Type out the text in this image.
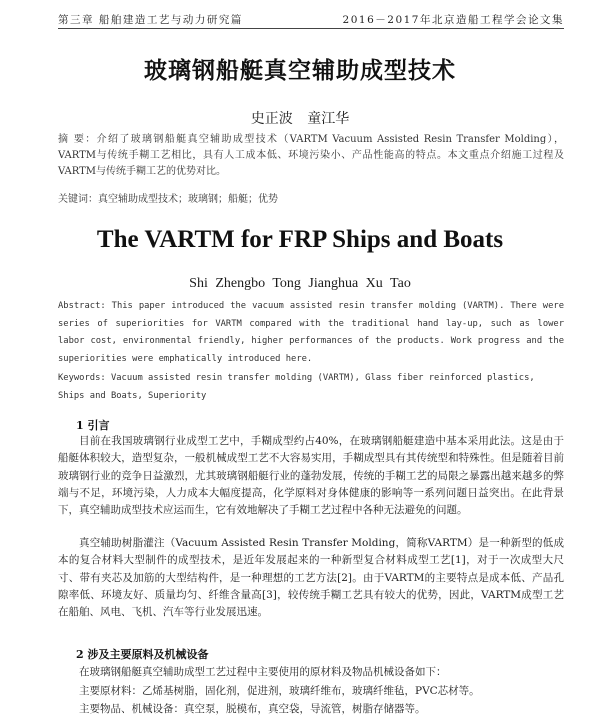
第三章 船舶建造工艺与动力研究篇	2016－2017年北京造船工程学会论文集
玻璃钢船艇真空辅助成型技术
史正波 童江华
摘 要：介绍了玻璃钢船艇真空辅助成型技术（VARTM Vacuum Assisted Resin Transfer Molding），VARTM与传统手糊工艺相比，具有人工成本低、环境污染小、产品性能高的特点。本文重点介绍施工过程及VARTM与传统手糊工艺的优势对比。
关键词：真空辅助成型技术；玻璃钢；船艇；优势
The VARTM for FRP Ships and Boats
Shi Zhengbo Tong Jianghua Xu Tao
Abstract: This paper introduced the vacuum assisted resin transfer molding (VARTM). There were series of superiorities for VARTM compared with the traditional hand lay-up, such as lower labor cost, environmental friendly, higher performances of the products. Work progress and the superiorities were emphatically introduced here.
Keywords: Vacuum assisted resin transfer molding (VARTM), Glass fiber reinforced plastics, Ships and Boats, Superiority
1 引言
目前在我国玻璃钢行业成型工艺中，手糊成型约占40%，在玻璃钢船艇建造中基本采用此法。这是由于船艇体积较大，造型复杂，一般机械成型工艺不大容易实用，手糊成型具有其传统型和特殊性。但是随着目前玻璃钢行业的竞争日益激烈，尤其玻璃钢船艇行业的蓬勃发展，传统的手糊工艺的局限之暴露出越来越多的弊端与不足，环境污染，人力成本大幅度提高，化学原料对身体健康的影响等一系列问题日益突出。在此背景下，真空辅助成型技术应运而生，它有效地解决了手糊工艺过程中各种无法避免的问题。
真空辅助树脂灌注（Vacuum Assisted Resin Transfer Molding，简称VARTM）是一种新型的低成本的复合材料大型制件的成型技术，是近年发展起来的一种新型复合材料成型工艺[1]，对于一次成型大尺寸、带有夹芯及加筋的大型结构件，是一种理想的工艺方法[2]。由于VARTM的主要特点是成本低、产品孔隙率低、环境友好、质量均匀、纤维含量高[3]，较传统手糊工艺具有较大的优势，因此，VARTM成型工艺在船舶、风电、飞机、汽车等行业发展迅速。
2 涉及主要原料及机械设备
在玻璃钢船艇真空辅助成型工艺过程中主要使用的原材料及物品机械设备如下：
主要原材料：乙烯基树脂，固化剂，促进剂，玻璃纤维布，玻璃纤维毡，PVC芯材等。
主要物品、机械设备：真空泵，脱模布，真空袋，导流管，树脂存储器等。
